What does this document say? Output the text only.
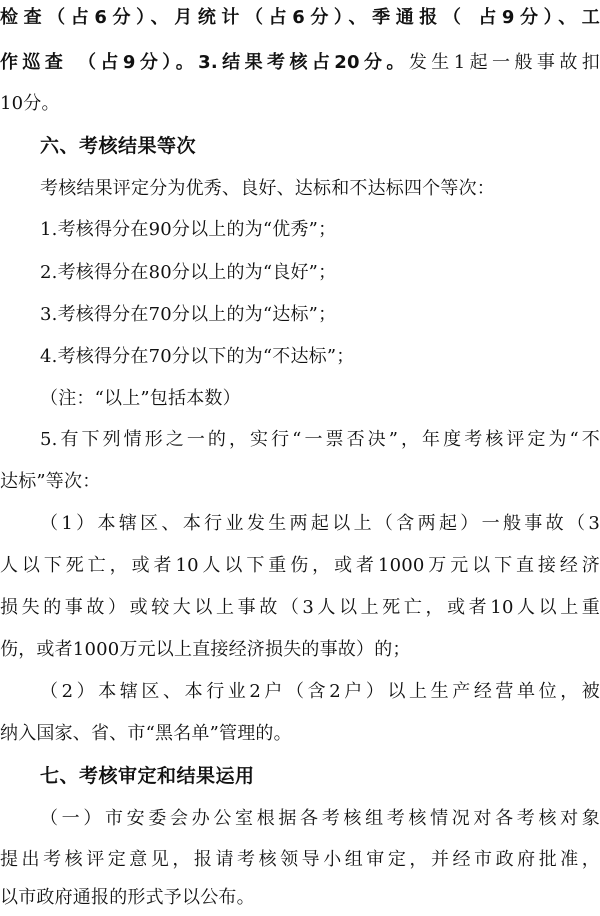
检查（占6分）、月统计（占6分）、季通报（ 占9分）、工
作巡查 （占9分）。3.结果考核占20分。发生1起一般事故扣
10分。
六、考核结果等次
考核结果评定分为优秀、良好、达标和不达标四个等次：
1.考核得分在90分以上的为“优秀”；
2.考核得分在80分以上的为“良好”；
3.考核得分在70分以上的为“达标”；
4.考核得分在70分以下的为“不达标”；
（注：“以上”包括本数）
5.有下列情形之一的，实行“一票否决”，年度考核评定为“不
达标”等次：
（1）本辖区、本行业发生两起以上（含两起）一般事故（3
人以下死亡，或者10人以下重伤，或者1000万元以下直接经济
损失的事故）或较大以上事故（3人以上死亡，或者10人以上重
伤，或者1000万元以上直接经济损失的事故）的；
（2）本辖区、本行业2户（含2户）以上生产经营单位，被
纳入国家、省、市“黑名单”管理的。
七、考核审定和结果运用
（一）市安委会办公室根据各考核组考核情况对各考核对象
提出考核评定意见，报请考核领导小组审定，并经市政府批准，
以市政府通报的形式予以公布。
